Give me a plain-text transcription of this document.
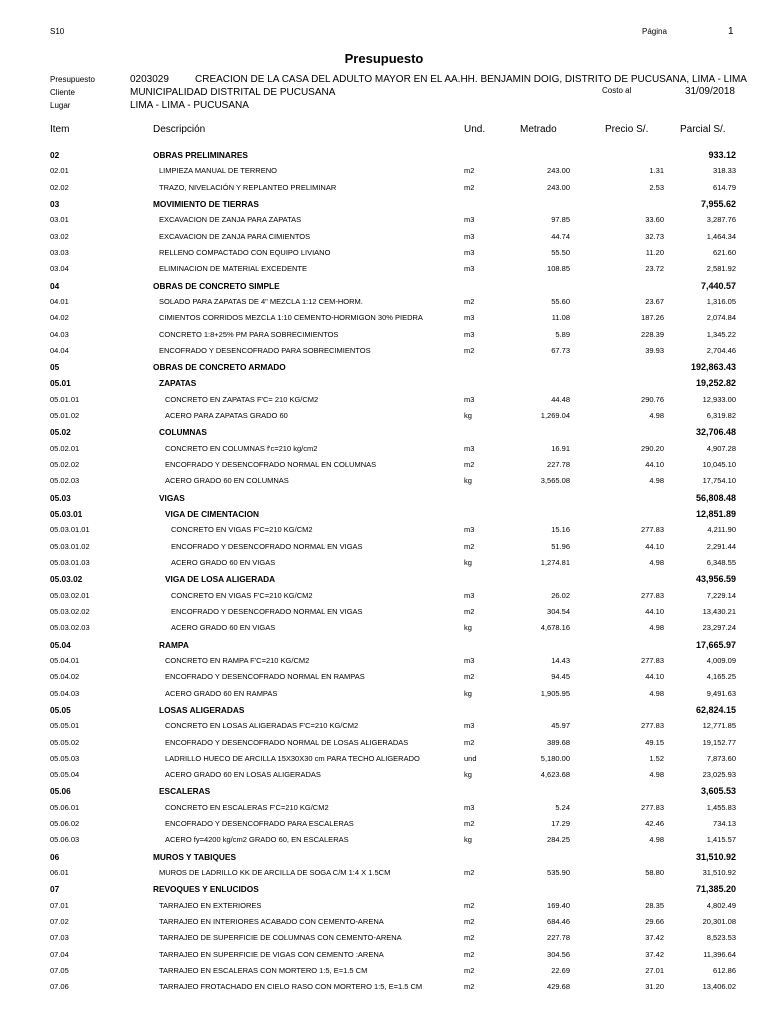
S10	Página	1
Presupuesto
Presupuesto	0203029	CREACION DE LA CASA DEL ADULTO MAYOR EN EL AA.HH. BENJAMIN DOIG, DISTRITO DE PUCUSANA, LIMA - LIMA
Cliente	MUNICIPALIDAD DISTRITAL DE PUCUSANA	Costo al	31/09/2018
Lugar	LIMA - LIMA - PUCUSANA
Item	Descripción	Und.	Metrado	Precio S/.	Parcial S/.
02	OBRAS PRELIMINARES	933.12
02.01	LIMPIEZA MANUAL DE TERRENO	m2	243.00	1.31	318.33
02.02	TRAZO, NIVELACIÓN Y REPLANTEO PRELIMINAR	m2	243.00	2.53	614.79
03	MOVIMIENTO DE TIERRAS	7,955.62
03.01	EXCAVACION DE ZANJA PARA ZAPATAS	m3	97.85	33.60	3,287.76
03.02	EXCAVACION DE ZANJA PARA CIMIENTOS	m3	44.74	32.73	1,464.34
03.03	RELLENO COMPACTADO CON EQUIPO LIVIANO	m3	55.50	11.20	621.60
03.04	ELIMINACION DE MATERIAL EXCEDENTE	m3	108.85	23.72	2,581.92
04	OBRAS DE CONCRETO SIMPLE	7,440.57
04.01	SOLADO PARA ZAPATAS DE 4" MEZCLA 1:12 CEM-HORM.	m2	55.60	23.67	1,316.05
04.02	CIMIENTOS CORRIDOS MEZCLA 1:10 CEMENTO-HORMIGON 30% PIEDRA	m3	11.08	187.26	2,074.84
04.03	CONCRETO 1:8+25% PM PARA SOBRECIMIENTOS	m3	5.89	228.39	1,345.22
04.04	ENCOFRADO Y DESENCOFRADO PARA SOBRECIMIENTOS	m2	67.73	39.93	2,704.46
05	OBRAS DE CONCRETO ARMADO	192,863.43
05.01	ZAPATAS	19,252.82
05.01.01	CONCRETO EN ZAPATAS F'C= 210 KG/CM2	m3	44.48	290.76	12,933.00
05.01.02	ACERO PARA ZAPATAS GRADO 60	kg	1,269.04	4.98	6,319.82
05.02	COLUMNAS	32,706.48
05.02.01	CONCRETO EN COLUMNAS f'c=210 kg/cm2	m3	16.91	290.20	4,907.28
05.02.02	ENCOFRADO Y DESENCOFRADO NORMAL EN COLUMNAS	m2	227.78	44.10	10,045.10
05.02.03	ACERO GRADO 60 EN COLUMNAS	kg	3,565.08	4.98	17,754.10
05.03	VIGAS	56,808.48
05.03.01	VIGA DE CIMENTACION	12,851.89
05.03.01.01	CONCRETO EN VIGAS F'C=210 KG/CM2	m3	15.16	277.83	4,211.90
05.03.01.02	ENCOFRADO Y DESENCOFRADO NORMAL EN VIGAS	m2	51.96	44.10	2,291.44
05.03.01.03	ACERO GRADO 60 EN VIGAS	kg	1,274.81	4.98	6,348.55
05.03.02	VIGA DE LOSA ALIGERADA	43,956.59
05.03.02.01	CONCRETO EN VIGAS F'C=210 KG/CM2	m3	26.02	277.83	7,229.14
05.03.02.02	ENCOFRADO Y DESENCOFRADO NORMAL EN VIGAS	m2	304.54	44.10	13,430.21
05.03.02.03	ACERO GRADO 60 EN VIGAS	kg	4,678.16	4.98	23,297.24
05.04	RAMPA	17,665.97
05.04.01	CONCRETO EN RAMPA F'C=210 KG/CM2	m3	14.43	277.83	4,009.09
05.04.02	ENCOFRADO Y DESENCOFRADO NORMAL EN RAMPAS	m2	94.45	44.10	4,165.25
05.04.03	ACERO GRADO 60 EN RAMPAS	kg	1,905.95	4.98	9,491.63
05.05	LOSAS ALIGERADAS	62,824.15
05.05.01	CONCRETO EN LOSAS ALIGERADAS F'C=210 KG/CM2	m3	45.97	277.83	12,771.85
05.05.02	ENCOFRADO Y DESENCOFRADO NORMAL DE LOSAS ALIGERADAS	m2	389.68	49.15	19,152.77
05.05.03	LADRILLO HUECO DE ARCILLA 15X30X30 cm PARA TECHO ALIGERADO	und	5,180.00	1.52	7,873.60
05.05.04	ACERO GRADO 60 EN LOSAS ALIGERADAS	kg	4,623.68	4.98	23,025.93
05.06	ESCALERAS	3,605.53
05.06.01	CONCRETO EN ESCALERAS F'C=210 KG/CM2	m3	5.24	277.83	1,455.83
05.06.02	ENCOFRADO Y DESENCOFRADO PARA ESCALERAS	m2	17.29	42.46	734.13
05.06.03	ACERO fy=4200 kg/cm2 GRADO 60, EN ESCALERAS	kg	284.25	4.98	1,415.57
06	MUROS Y TABIQUES	31,510.92
06.01	MUROS DE LADRILLO KK DE ARCILLA DE SOGA C/M 1:4 X 1.5CM	m2	535.90	58.80	31,510.92
07	REVOQUES Y ENLUCIDOS	71,385.20
07.01	TARRAJEO EN EXTERIORES	m2	169.40	28.35	4,802.49
07.02	TARRAJEO EN INTERIORES ACABADO CON CEMENTO-ARENA	m2	684.46	29.66	20,301.08
07.03	TARRAJEO DE SUPERFICIE DE COLUMNAS CON CEMENTO-ARENA	m2	227.78	37.42	8,523.53
07.04	TARRAJEO EN SUPERFICIE DE VIGAS CON CEMENTO :ARENA	m2	304.56	37.42	11,396.64
07.05	TARRAJEO EN ESCALERAS CON MORTERO 1:5, E=1.5 CM	m2	22.69	27.01	612.86
07.06	TARRAJEO FROTACHADO EN CIELO RASO CON MORTERO 1:5, E=1.5 CM	m2	429.68	31.20	13,406.02
